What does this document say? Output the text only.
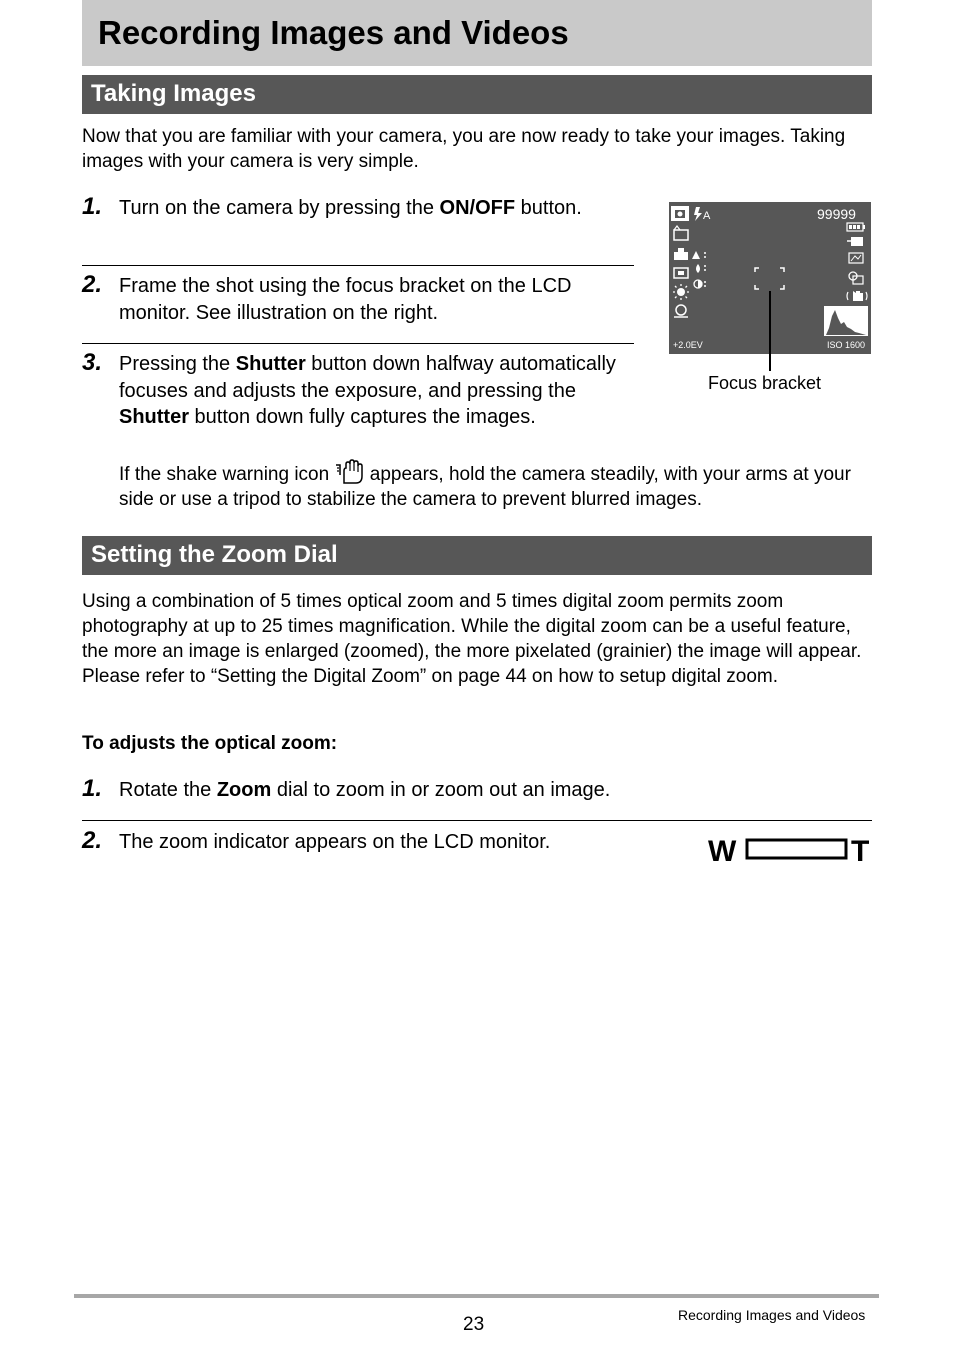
Recording Images and Videos
Taking Images
Now that you are familiar with your camera, you are now ready to take your images. Taking images with your camera is very simple.
1. Turn on the camera by pressing the ON/OFF button.
2. Frame the shot using the focus bracket on the LCD monitor. See illustration on the right.
3. Pressing the Shutter button down halfway automatically focuses and adjusts the exposure, and pressing the Shutter button down fully captures the images.
If the shake warning icon  appears, hold the camera steadily, with your arms at your side or use a tripod to stabilize the camera to prevent blurred images.
A	99999
+2.0EV	ISO 1600
Focus bracket
Setting the Zoom Dial
Using a combination of 5 times optical zoom and 5 times digital zoom permits zoom photography at up to 25 times magnification. While the digital zoom can be a useful feature, the more an image is enlarged (zoomed), the more pixelated (grainier) the image will appear. Please refer to “Setting the Digital Zoom” on page 44 on how to setup digital zoom.
To adjusts the optical zoom:
1. Rotate the Zoom dial to zoom in or zoom out an image.
2. The zoom indicator appears on the LCD monitor.	W	T
23	Recording Images and Videos
